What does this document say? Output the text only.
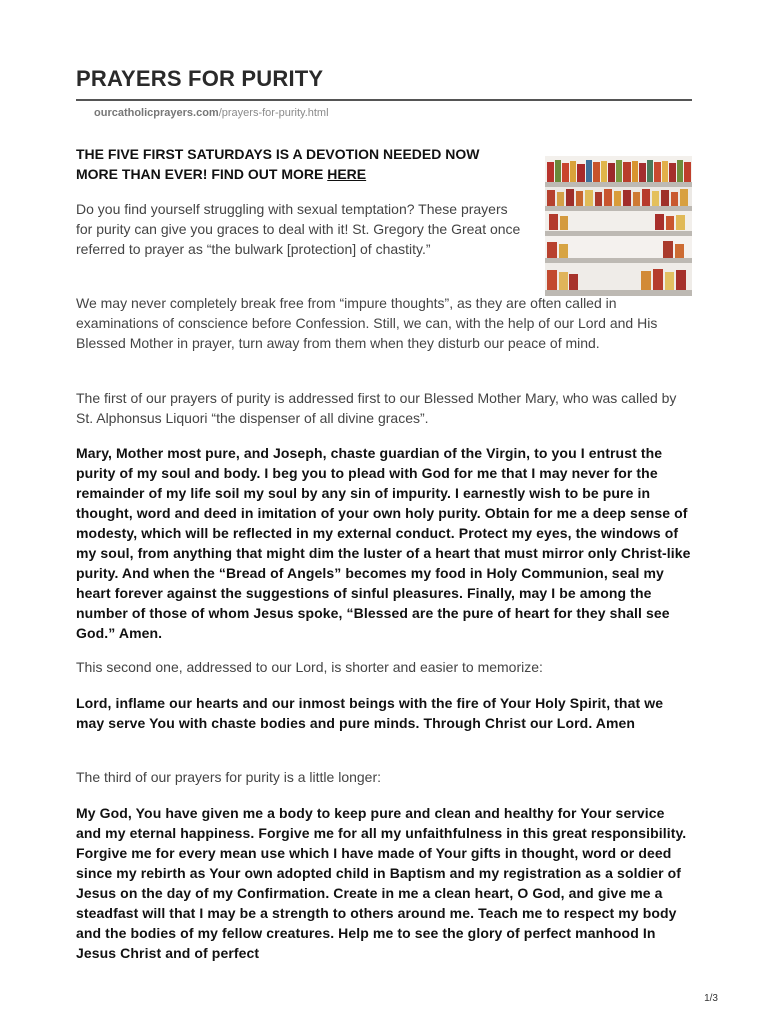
PRAYERS FOR PURITY
ourcatholicprayers.com/prayers-for-purity.html

THE FIVE FIRST SATURDAYS IS A DEVOTION NEEDED NOW MORE THAN EVER! FIND OUT MORE HERE

Do you find yourself struggling with sexual temptation? These prayers for purity can give you graces to deal with it! St. Gregory the Great once referred to prayer as “the bulwark [protection] of chastity.”

We may never completely break free from “impure thoughts”, as they are often called in examinations of conscience before Confession. Still, we can, with the help of our Lord and His Blessed Mother in prayer, turn away from them when they disturb our peace of mind.

The first of our prayers of purity is addressed first to our Blessed Mother Mary, who was called by St. Alphonsus Liquori “the dispenser of all divine graces”.

Mary, Mother most pure, and Joseph, chaste guardian of the Virgin, to you I entrust the purity of my soul and body. I beg you to plead with God for me that I may never for the remainder of my life soil my soul by any sin of impurity. I earnestly wish to be pure in thought, word and deed in imitation of your own holy purity. Obtain for me a deep sense of modesty, which will be reflected in my external conduct. Protect my eyes, the windows of my soul, from anything that might dim the luster of a heart that must mirror only Christ-like purity. And when the “Bread of Angels” becomes my food in Holy Communion, seal my heart forever against the suggestions of sinful pleasures. Finally, may I be among the number of those of whom Jesus spoke, “Blessed are the pure of heart for they shall see God.” Amen.

This second one, addressed to our Lord, is shorter and easier to memorize:

Lord, inflame our hearts and our inmost beings with the fire of Your Holy Spirit, that we may serve You with chaste bodies and pure minds. Through Christ our Lord. Amen

The third of our prayers for purity is a little longer:

My God, You have given me a body to keep pure and clean and healthy for Your service and my eternal happiness. Forgive me for all my unfaithfulness in this great responsibility. Forgive me for every mean use which I have made of Your gifts in thought, word or deed since my rebirth as Your own adopted child in Baptism and my registration as a soldier of Jesus on the day of my Confirmation. Create in me a clean heart, O God, and give me a steadfast will that I may be a strength to others around me. Teach me to respect my body and the bodies of my fellow creatures. Help me to see the glory of perfect manhood In Jesus Christ and of perfect

1/3
